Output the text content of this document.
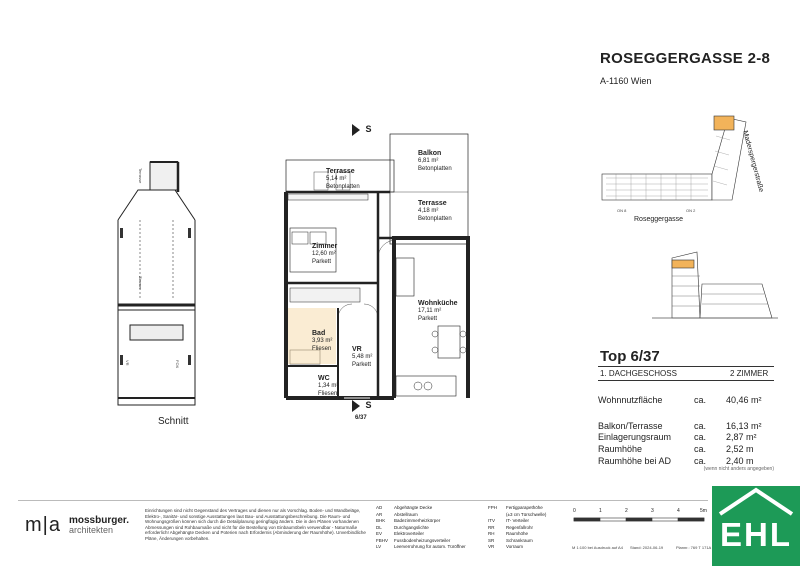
Terrasse
Zimmer
VR	FOX
Schnitt
S
S
6/37
Balkon
6,81 m²
Betonplatten
Terrasse
5,14 m²
Betonplatten
Terrasse
4,18 m²
Betonplatten
Zimmer
12,60 m²
Parkett
Wohnküche
17,11 m²
Parkett
Bad
3,93 m²
Fliesen	VR
5,48 m²
Parkett
WC
1,34 m²
Fliesen
ROSEGGERGASSE 2-8
A-1160 Wien
ON 8	ON 2
Roseggergasse
Maderspergerstraße
Top 6/37
1. DACHGESCHOSS	2 ZIMMER
Wohnnutzfläche	ca.	40,46 m²
Balkon/Terrasse	ca.	16,13 m²
Einlagerungsraum	ca.	2,87 m²
Raumhöhe	ca.	2,52 m
Raumhöhe bei AD	ca.	2,40 m
(wenn nicht anders angegeben)
m|a mossburger.
architekten
Einrichtungen sind nicht Gegenstand des Vertrages und dienen nur als Vorschlag. Boden- und Wandbeläge, Elektro-, Sanitär- und sonstige Ausstattungen laut Bau- und Ausstattungsbeschreibung. Die Raum- und Wohnungsgrößen können sich durch die Detailplanung geringfügig ändern. Die in den Plänen vorhandenen Abmessungen sind Rohbaumaße und nicht für die Bestellung von Einbaumöbeln verwendbar - Naturmaße erforderlich! Abgehängte Decken und Poterien nach Erfordernis (Abminderung der Raumhöhe). Unverbindliche Pläne, Änderungen vorbehalten.
AD	Abgehängte Decke
AR	Abstellraum
BHK	Badezimmerheizkörper
DL	Durchgangslichte
EV	Elektroverteiler
FBHV	Fussbodenheizungsverteiler
LV	Leerverrohrung für autom. Türöffner
FPH	Fertigparapethöhe
(±3 cm Türschwelle)
ITV	IT- Verteiler
RR	Regenfallrohr
RH	Raumhöhe
SR	Schrankraum
VR	Vorraum
0	1	2	3	4	5m
M 1:100 bei Ausdruck auf A4 Stand: 2024-06-19	Plannr.: 769 T 171A EHL
